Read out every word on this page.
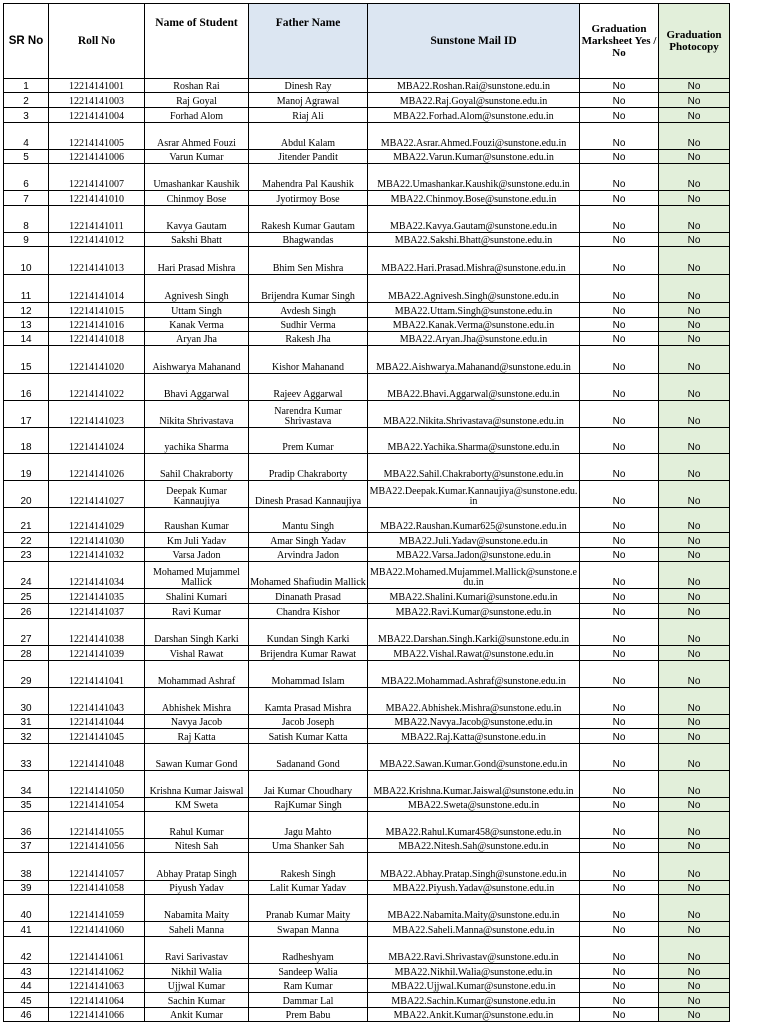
SR No	Roll No	Name of Student	Father Name	Sunstone Mail ID	Graduation Marksheet Yes / No	Graduation Photocopy
1	12214141001	Roshan Rai	Dinesh Ray	MBA22.Roshan.Rai@sunstone.edu.in	No	No
2	12214141003	Raj Goyal	Manoj Agrawal	MBA22.Raj.Goyal@sunstone.edu.in	No	No
3	12214141004	Forhad Alom	Riaj Ali	MBA22.Forhad.Alom@sunstone.edu.in	No	No
4	12214141005	Asrar Ahmed Fouzi	Abdul Kalam	MBA22.Asrar.Ahmed.Fouzi@sunstone.edu.in	No	No
5	12214141006	Varun Kumar	Jitender Pandit	MBA22.Varun.Kumar@sunstone.edu.in	No	No
6	12214141007	Umashankar Kaushik	Mahendra Pal Kaushik	MBA22.Umashankar.Kaushik@sunstone.edu.in	No	No
7	12214141010	Chinmoy Bose	Jyotirmoy Bose	MBA22.Chinmoy.Bose@sunstone.edu.in	No	No
8	12214141011	Kavya Gautam	Rakesh Kumar Gautam	MBA22.Kavya.Gautam@sunstone.edu.in	No	No
9	12214141012	Sakshi Bhatt	Bhagwandas	MBA22.Sakshi.Bhatt@sunstone.edu.in	No	No
10	12214141013	Hari Prasad Mishra	Bhim Sen Mishra	MBA22.Hari.Prasad.Mishra@sunstone.edu.in	No	No
11	12214141014	Agnivesh Singh	Brijendra Kumar Singh	MBA22.Agnivesh.Singh@sunstone.edu.in	No	No
12	12214141015	Uttam Singh	Avdesh Singh	MBA22.Uttam.Singh@sunstone.edu.in	No	No
13	12214141016	Kanak Verma	Sudhir Verma	MBA22.Kanak.Verma@sunstone.edu.in	No	No
14	12214141018	Aryan Jha	Rakesh Jha	MBA22.Aryan.Jha@sunstone.edu.in	No	No
15	12214141020	Aishwarya Mahanand	Kishor Mahanand	MBA22.Aishwarya.Mahanand@sunstone.edu.in	No	No
16	12214141022	Bhavi Aggarwal	Rajeev Aggarwal	MBA22.Bhavi.Aggarwal@sunstone.edu.in	No	No
17	12214141023	Nikita Shrivastava	Narendra Kumar Shrivastava	MBA22.Nikita.Shrivastava@sunstone.edu.in	No	No
18	12214141024	yachika Sharma	Prem Kumar	MBA22.Yachika.Sharma@sunstone.edu.in	No	No
19	12214141026	Sahil Chakraborty	Pradip Chakraborty	MBA22.Sahil.Chakraborty@sunstone.edu.in	No	No
20	12214141027	Deepak Kumar Kannaujiya	Dinesh Prasad Kannaujiya	MBA22.Deepak.Kumar.Kannaujiya@sunstone.edu.in	No	No
21	12214141029	Raushan Kumar	Mantu Singh	MBA22.Raushan.Kumar625@sunstone.edu.in	No	No
22	12214141030	Km Juli Yadav	Amar Singh Yadav	MBA22.Juli.Yadav@sunstone.edu.in	No	No
23	12214141032	Varsa Jadon	Arvindra Jadon	MBA22.Varsa.Jadon@sunstone.edu.in	No	No
24	12214141034	Mohamed Mujammel Mallick	Mohamed Shafiudin Mallick	MBA22.Mohamed.Mujammel.Mallick@sunstone.edu.in	No	No
25	12214141035	Shalini Kumari	Dinanath Prasad	MBA22.Shalini.Kumari@sunstone.edu.in	No	No
26	12214141037	Ravi Kumar	Chandra Kishor	MBA22.Ravi.Kumar@sunstone.edu.in	No	No
27	12214141038	Darshan Singh Karki	Kundan Singh Karki	MBA22.Darshan.Singh.Karki@sunstone.edu.in	No	No
28	12214141039	Vishal Rawat	Brijendra Kumar Rawat	MBA22.Vishal.Rawat@sunstone.edu.in	No	No
29	12214141041	Mohammad Ashraf	Mohammad Islam	MBA22.Mohammad.Ashraf@sunstone.edu.in	No	No
30	12214141043	Abhishek Mishra	Kamta Prasad Mishra	MBA22.Abhishek.Mishra@sunstone.edu.in	No	No
31	12214141044	Navya Jacob	Jacob Joseph	MBA22.Navya.Jacob@sunstone.edu.in	No	No
32	12214141045	Raj Katta	Satish Kumar Katta	MBA22.Raj.Katta@sunstone.edu.in	No	No
33	12214141048	Sawan Kumar Gond	Sadanand Gond	MBA22.Sawan.Kumar.Gond@sunstone.edu.in	No	No
34	12214141050	Krishna Kumar Jaiswal	Jai Kumar Choudhary	MBA22.Krishna.Kumar.Jaiswal@sunstone.edu.in	No	No
35	12214141054	KM Sweta	RajKumar Singh	MBA22.Sweta@sunstone.edu.in	No	No
36	12214141055	Rahul Kumar	Jagu Mahto	MBA22.Rahul.Kumar458@sunstone.edu.in	No	No
37	12214141056	Nitesh Sah	Uma Shanker Sah	MBA22.Nitesh.Sah@sunstone.edu.in	No	No
38	12214141057	Abhay Pratap Singh	Rakesh Singh	MBA22.Abhay.Pratap.Singh@sunstone.edu.in	No	No
39	12214141058	Piyush Yadav	Lalit Kumar Yadav	MBA22.Piyush.Yadav@sunstone.edu.in	No	No
40	12214141059	Nabamita Maity	Pranab Kumar Maity	MBA22.Nabamita.Maity@sunstone.edu.in	No	No
41	12214141060	Saheli Manna	Swapan Manna	MBA22.Saheli.Manna@sunstone.edu.in	No	No
42	12214141061	Ravi Sarivastav	Radheshyam	MBA22.Ravi.Shrivastav@sunstone.edu.in	No	No
43	12214141062	Nikhil Walia	Sandeep Walia	MBA22.Nikhil.Walia@sunstone.edu.in	No	No
44	12214141063	Ujjwal Kumar	Ram Kumar	MBA22.Ujjwal.Kumar@sunstone.edu.in	No	No
45	12214141064	Sachin Kumar	Dammar Lal	MBA22.Sachin.Kumar@sunstone.edu.in	No	No
46	12214141066	Ankit Kumar	Prem Babu	MBA22.Ankit.Kumar@sunstone.edu.in	No	No
